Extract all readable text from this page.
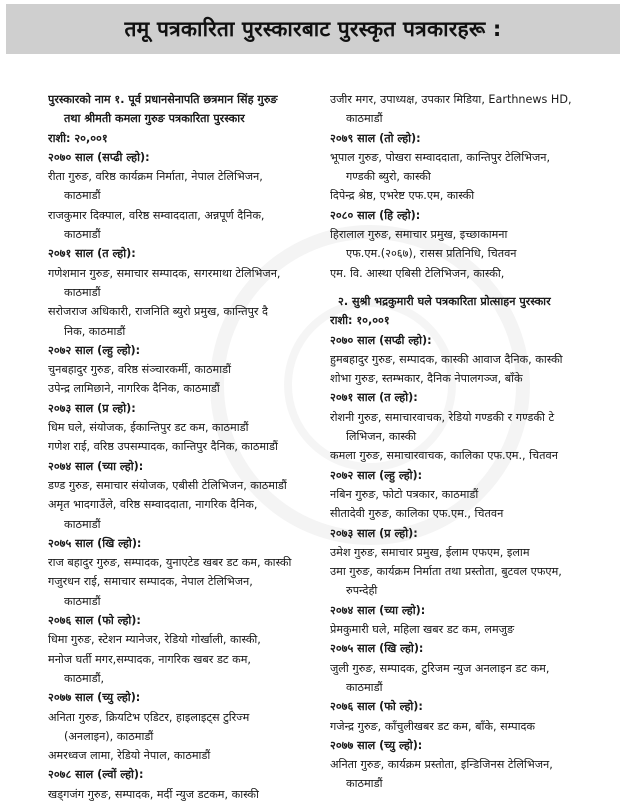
तमू पत्रकारिता पुरस्कारबाट पुरस्कृत पत्रकारहरू :
पुरस्कारको नाम १. पूर्व प्रधानसेनापति छत्रमान सिंह गुरुङ
तथा श्रीमती कमला गुरुङ पत्रकारिता पुरस्कार
राशी: २०,००१
२०७० साल (सप्ढी ल्हो):
रीता गुरुङ, वरिष्ठ कार्यक्रम निर्माता, नेपाल टेलिभिजन,
काठमाडौं
राजकुमार दिक्पाल, वरिष्ठ सम्वाददाता, अन्नपूर्ण दैनिक,
काठमाडौं
२०७१ साल (त ल्हो):
गणेशमान गुरुङ, समाचार सम्पादक, सगरमाथा टेलिभिजन,
काठमाडौं
सरोजराज अधिकारी, राजनिति ब्युरो प्रमुख, कान्तिपुर दै
निक, काठमाडौं
२०७२ साल (ल्हु ल्हो):
चुनबहादुर गुरुङ, वरिष्ठ संञ्चारकर्मी, काठमाडौं
उपेन्द्र लामिछाने, नागरिक दैनिक, काठमाडौं
२०७३ साल (प्र ल्हो):
धिम घले, संयोजक, ईकान्तिपुर डट कम, काठमाडौं
गणेश राई, वरिष्ठ उपसम्पादक, कान्तिपुर दैनिक, काठमाडौं
२०७४ साल (च्या ल्हो):
डण्ड गुरुङ, समाचार संयोजक, एबीसी टेलिभिजन, काठमाडौं
अमृत भादगाउँले, वरिष्ठ सम्वाददाता, नागरिक दैनिक,
काठमाडौं
२०७५ साल (खि ल्हो):
राज बहादुर गुरुङ, सम्पादक, युनाएटेड खबर डट कम, कास्की
गजुरधन राई, समाचार सम्पादक, नेपाल टेलिभिजन,
काठमाडौं
२०७६ साल (फो ल्हो):
धिमा गुरुङ, स्टेशन म्यानेजर, रेडियो गोर्खाली, कास्की,
मनोज घर्ती मगर,सम्पादक, नागरिक खबर डट कम,
काठमाडौं,
२०७७ साल (च्यु ल्हो):
अनिता गुरुङ, क्रियटिभ एडिटर, हाइलाइट्स टुरिज्म
(अनलाइन), काठमाडौं
अमरध्वज लामा, रेडियो नेपाल, काठमाडौं
२०७८ साल (ल्वों ल्हो):
खड्गजंग गुरुङ, सम्पादक, मर्दी न्युज डटकम, कास्की
उजीर मगर, उपाध्यक्ष, उपकार मिडिया, Earthnews HD,
काठमाडौं
२०७९ साल (तो ल्हो):
भूपाल गुरुङ, पोखरा सम्वाददाता, कान्तिपुर टेलिभिजन,
गण्डकी ब्युरो, कास्की
दिपेन्द्र श्रेष्ठ, एभरेष्ट एफ.एम, कास्की
२०८० साल (हि ल्हो):
हिरालाल गुरुङ, समाचार प्रमुख, इच्छाकामना
एफ.एम.(२०६७), रासस प्रतिनिधि, चितवन
एम. वि. आस्था एबिसी टेलिभिजन, कास्की,
२. सुश्री भद्रकुमारी घले पत्रकारिता प्रोत्साहन पुरस्कार
राशी: १०,००१
२०७० साल (सप्ढी ल्हो):
हुमबहादुर गुरुङ, सम्पादक, कास्की आवाज दैनिक, कास्की
शोभा गुरुङ, स्तम्भकार, दैनिक नेपालगञ्ज, बाँके
२०७१ साल (त ल्हो):
रोशनी गुरुङ, समाचारवाचक, रेडियो गण्डकी र गण्डकी टे
लिभिजन, कास्की
कमला गुरुङ, समाचारवाचक, कालिका एफ.एम., चितवन
२०७२ साल (ल्हु ल्हो):
नबिन गुरुङ, फोटो पत्रकार, काठमाडौं
सीतादेवी गुरुङ, कालिका एफ.एम., चितवन
२०७३ साल (प्र ल्हो):
उमेश गुरुङ, समाचार प्रमुख, ईलाम एफएम, इलाम
उमा गुरुङ, कार्यक्रम निर्माता तथा प्रस्तोता, बुटवल एफएम,
रुपन्देही
२०७४ साल (च्या ल्हो):
प्रेमकुमारी घले, महिला खबर डट कम, लमजुङ
२०७५ साल (खि ल्हो):
जुली गुरुङ, सम्पादक, टुरिजम न्युज अनलाइन डट कम,
काठमाडौं
२०७६ साल (फो ल्हो):
गजेन्द्र गुरुङ, काँचुलीखबर डट कम, बाँके, सम्पादक
२०७७ साल (च्यु ल्हो):
अनिता गुरुङ, कार्यक्रम प्रस्तोता, इन्डिजिनस टेलिभिजन,
काठमाडौं
